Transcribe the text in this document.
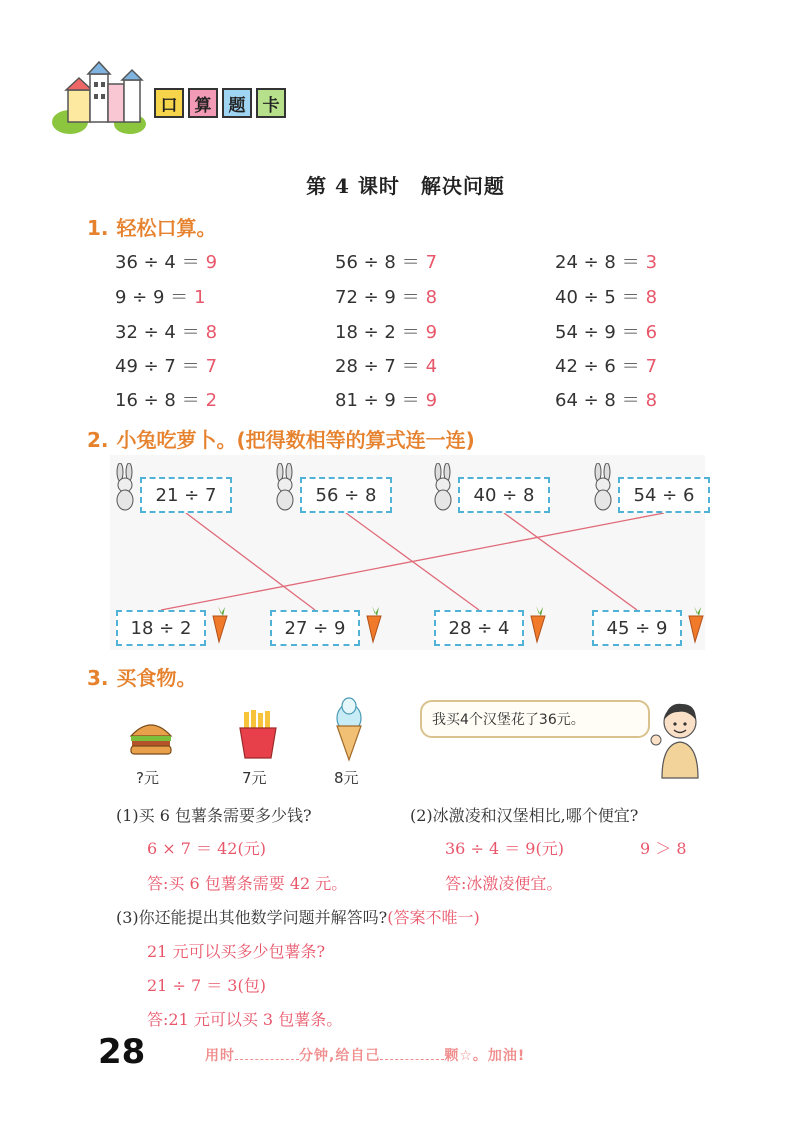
口 算 题 卡
第 4 课时　解决问题
1. 轻松口算。
36 ÷ 4 ＝ 9	56 ÷ 8 ＝ 7	24 ÷ 8 ＝ 3
9 ÷ 9 ＝ 1	72 ÷ 9 ＝ 8	40 ÷ 5 ＝ 8
32 ÷ 4 ＝ 8	18 ÷ 2 ＝ 9	54 ÷ 9 ＝ 6
49 ÷ 7 ＝ 7	28 ÷ 7 ＝ 4	42 ÷ 6 ＝ 7
16 ÷ 8 ＝ 2	81 ÷ 9 ＝ 9	64 ÷ 8 ＝ 8
2. 小兔吃萝卜。(把得数相等的算式连一连)
21 ÷ 7	56 ÷ 8	40 ÷ 8	54 ÷ 6
18 ÷ 2	27 ÷ 9	28 ÷ 4	45 ÷ 9
3. 买食物。
?元	7元	8元
我买4个汉堡花了36元。
(1)买 6 包薯条需要多少钱?	(2)冰激凌和汉堡相比,哪个便宜?
6 × 7 ＝ 42(元)	36 ÷ 4 ＝ 9(元)	9 ＞ 8
答:买 6 包薯条需要 42 元。	答:冰激凌便宜。
(3)你还能提出其他数学问题并解答吗?(答案不唯一)
21 元可以买多少包薯条?
21 ÷ 7 ＝ 3(包)
答:21 元可以买 3 包薯条。
28	用时	分钟,给自己	颗☆。加油!
